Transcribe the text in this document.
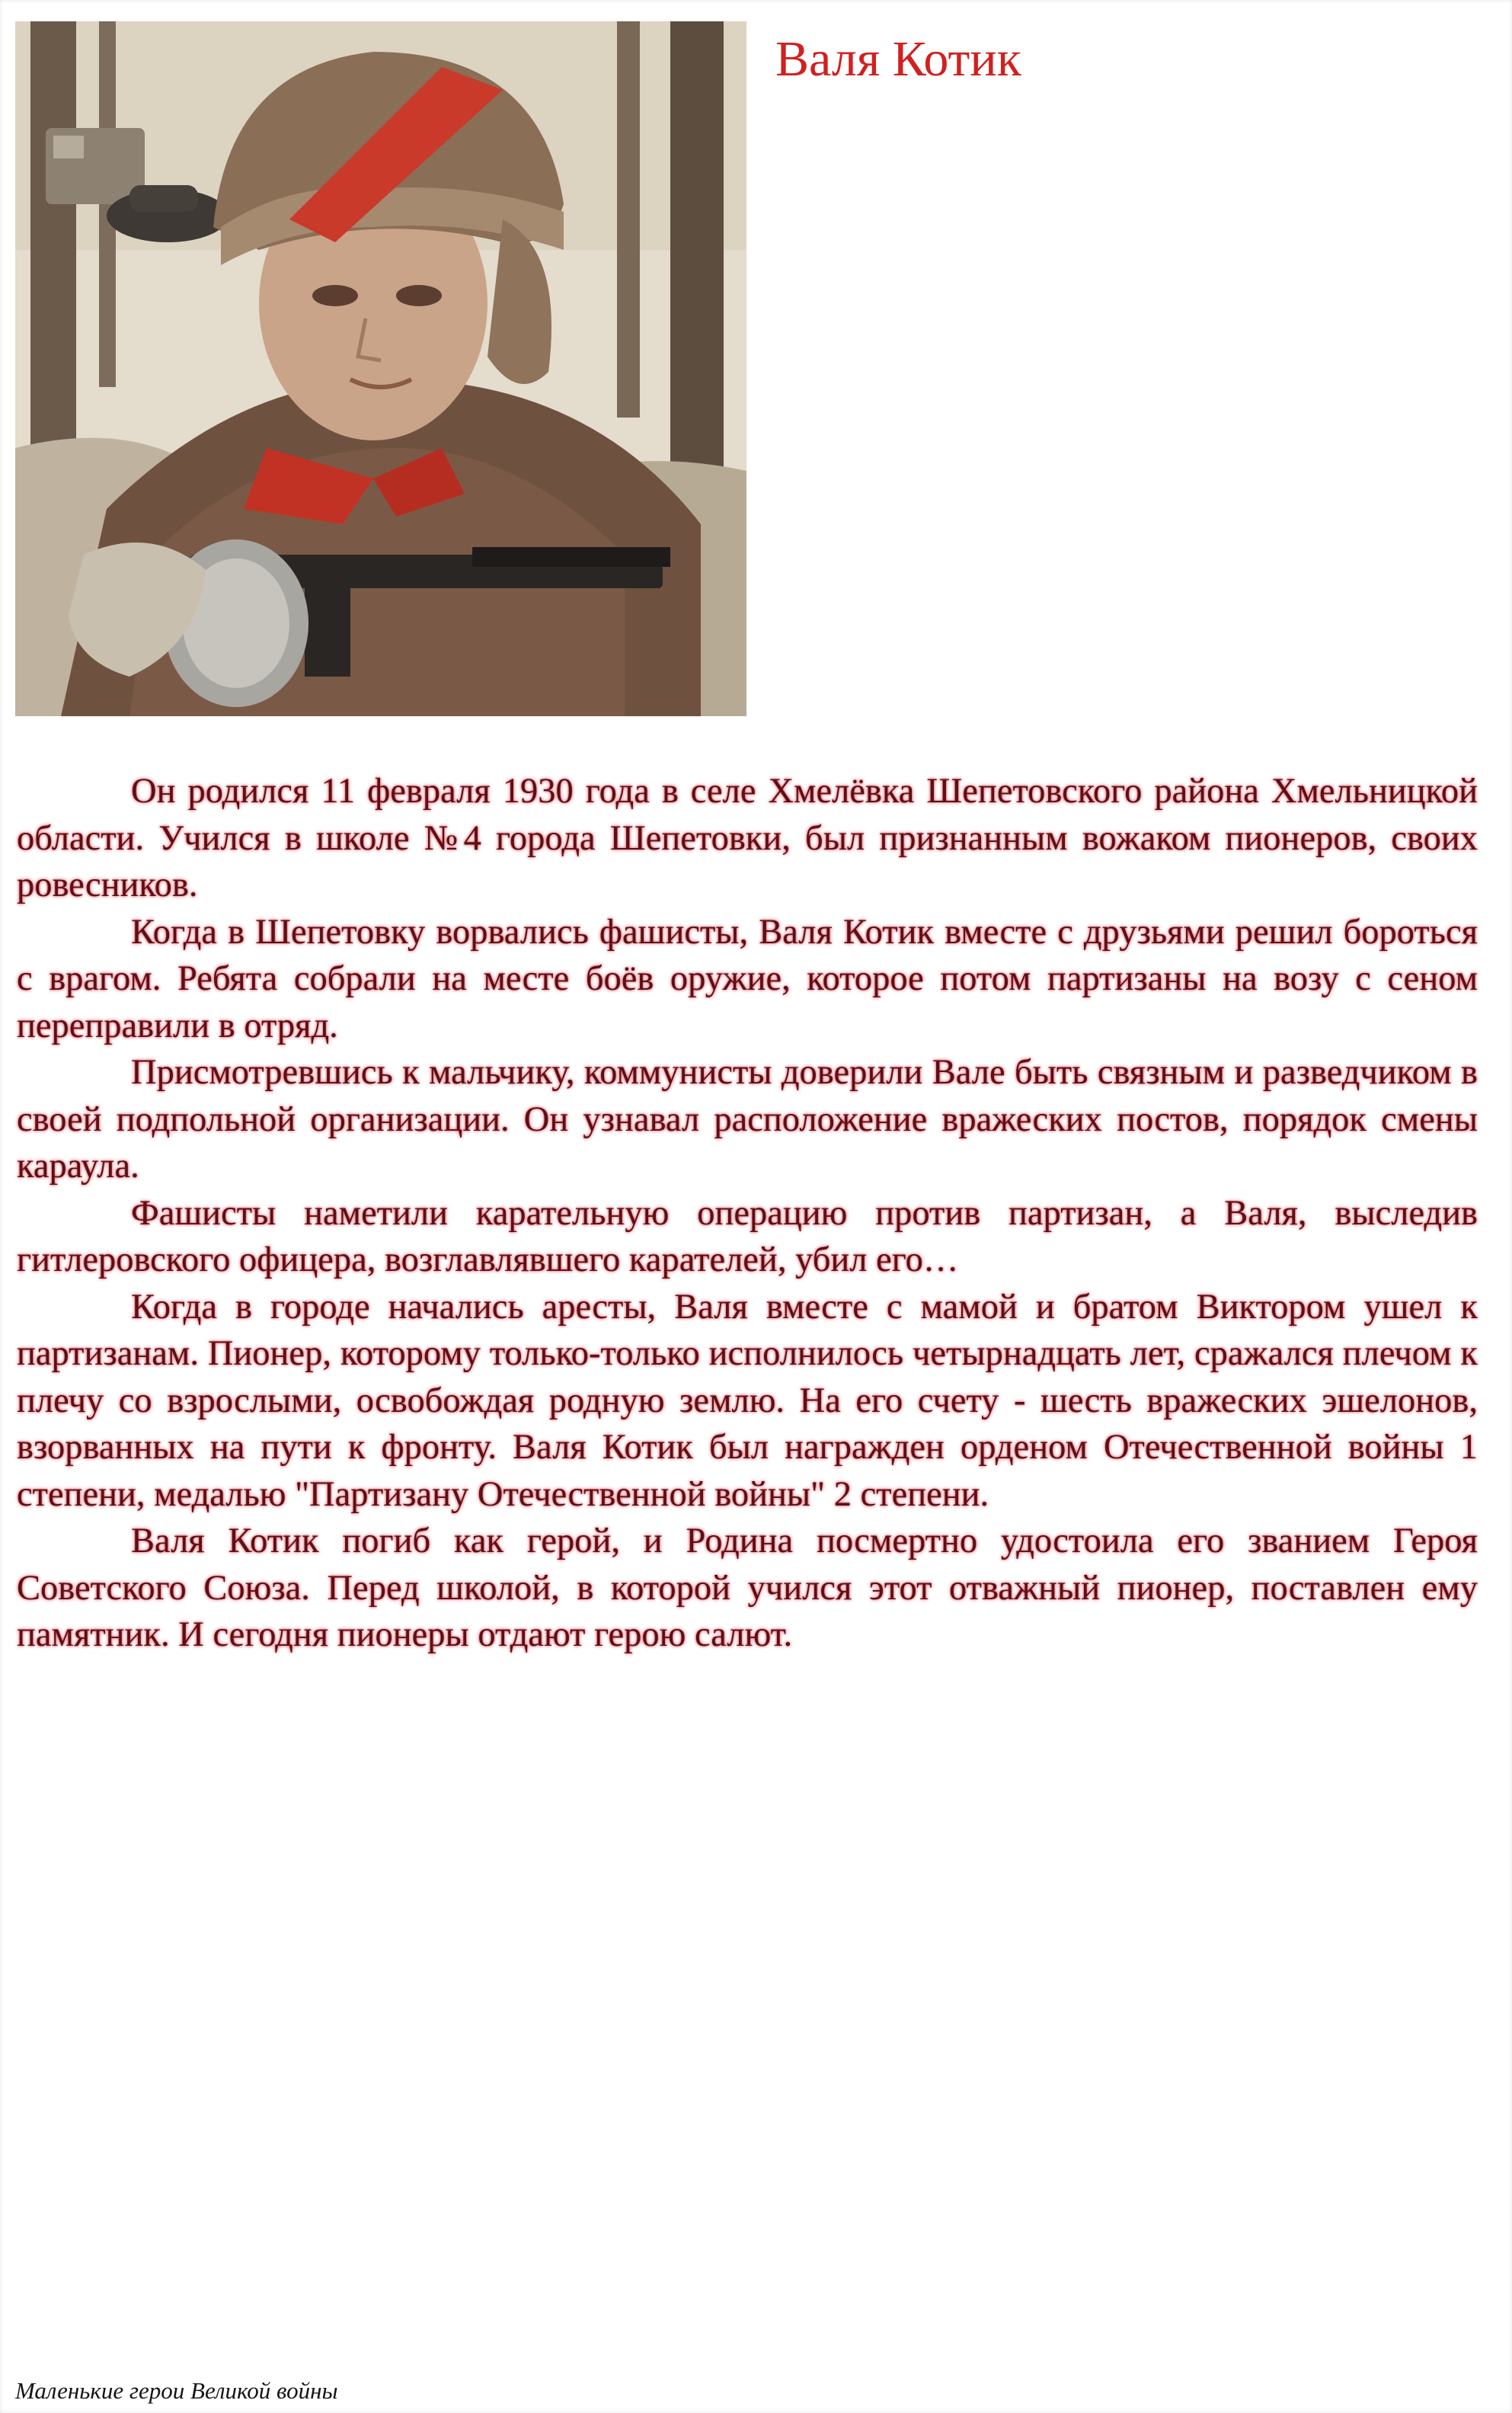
Валя Котик

Он родился 11 февраля 1930 года в селе Хмелёвка Шепетовского района Хмельницкой области. Учился в школе №4 города Шепетовки, был признанным вожаком пионеров, своих ровесников.

Когда в Шепетовку ворвались фашисты, Валя Котик вместе с друзьями решил бороться с врагом. Ребята собрали на месте боёв оружие, которое потом партизаны на возу с сеном переправили в отряд.

Присмотревшись к мальчику, коммунисты доверили Вале быть связным и разведчиком в своей подпольной организации. Он узнавал расположение вражеских постов, порядок смены караула.

Фашисты наметили карательную операцию против партизан, а Валя, выследив гитлеровского офицера, возглавлявшего карателей, убил его…

Когда в городе начались аресты, Валя вместе с мамой и братом Виктором ушел к партизанам. Пионер, которому только-только исполнилось четырнадцать лет, сражался плечом к плечу со взрослыми, освобождая родную землю. На его счету - шесть вражеских эшелонов, взорванных на пути к фронту. Валя Котик был награжден орденом Отечественной войны 1 степени, медалью "Партизану Отечественной войны" 2 степени.

Валя Котик погиб как герой, и Родина посмертно удостоила его званием Героя Советского Союза. Перед школой, в которой учился этот отважный пионер, поставлен ему памятник. И сегодня пионеры отдают герою салют.

Маленькие герои Великой войны
